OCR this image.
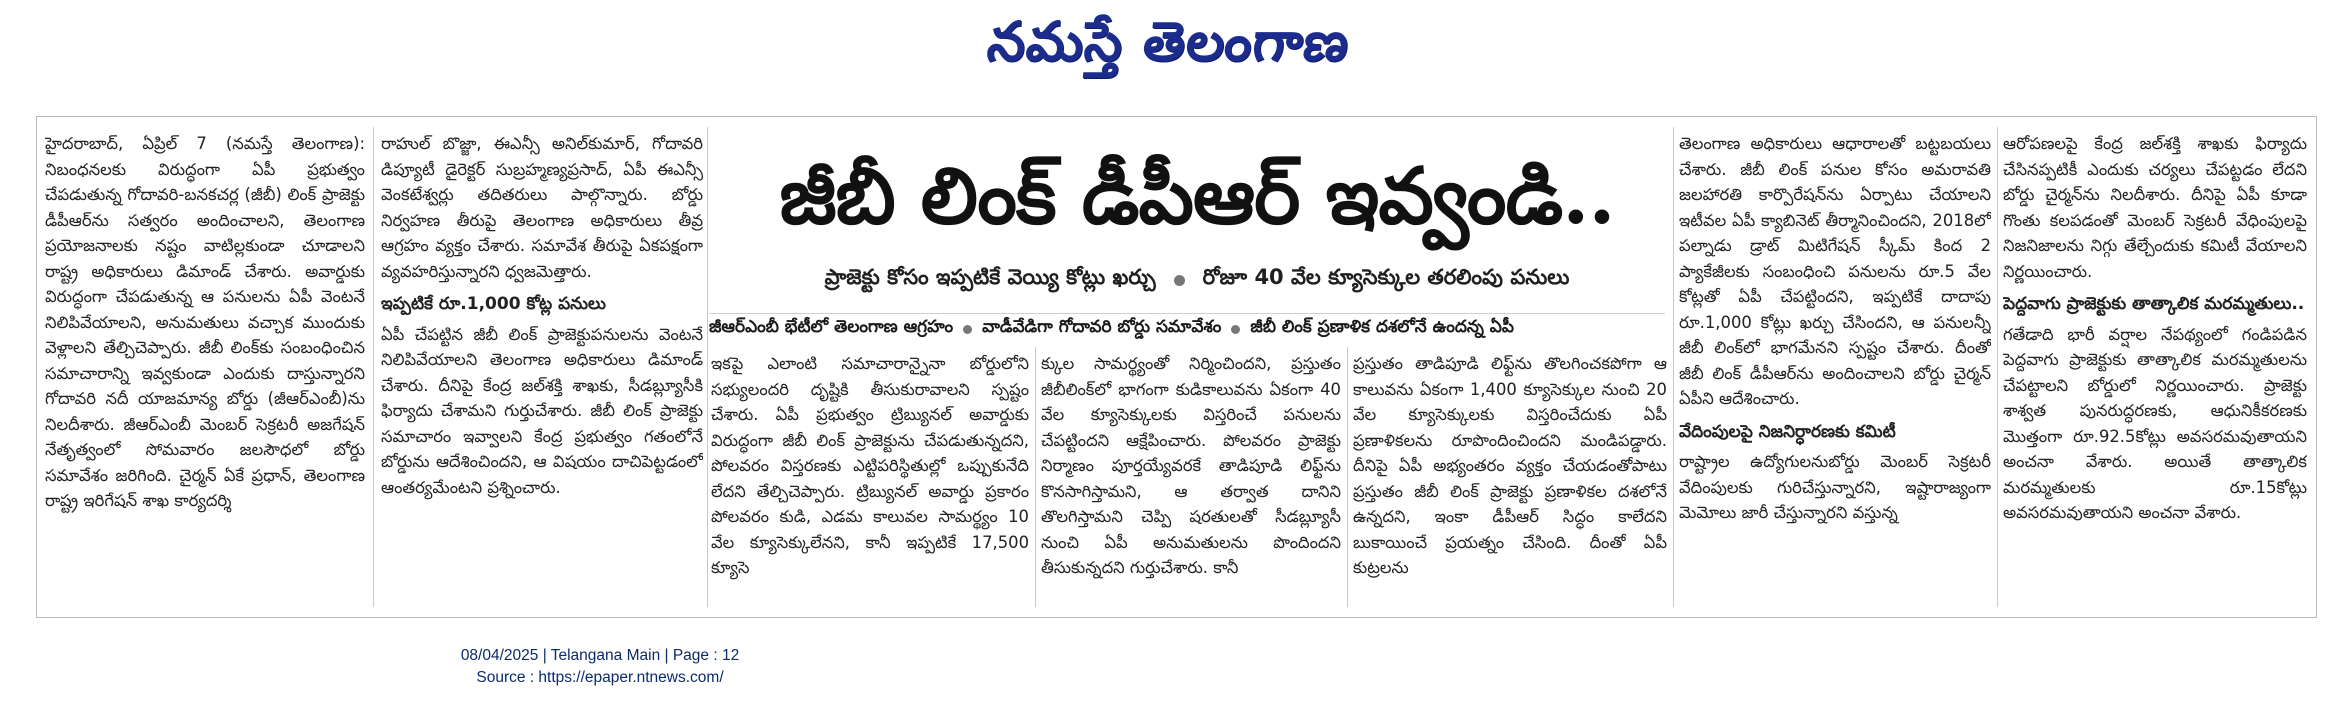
నమస్తే తెలంగాణ

హైదరాబాద్, ఏప్రిల్ 7 (నమస్తే తెలంగాణ): నిబంధనలకు విరుద్ధంగా ఏపీ ప్రభుత్వం చేపడుతున్న గోదావరి-బనకచర్ల (జీబీ) లింక్ ప్రాజెక్టు డీపీఆర్‌ను సత్వరం అందించాలని, తెలంగాణ ప్రయోజనాలకు నష్టం వాటిల్లకుండా చూడాలని రాష్ట్ర అధికారులు డిమాండ్ చేశారు. అవార్డుకు విరుద్ధంగా చేపడుతున్న ఆ పనులను ఏపీ వెంటనే నిలిపివేయాలని, అనుమతులు వచ్చాక ముందుకు వెళ్లాలని తేల్చిచెప్పారు. జీబీ లింక్‌కు సంబంధించిన సమాచారాన్ని ఇవ్వకుండా ఎందుకు దాస్తున్నారని గోదావరి నదీ యాజమాన్య బోర్డు (జీఆర్ఎంబీ)ను నిలదీశారు. జీఆర్ఎంబీ మెంబర్ సెక్రటరీ అజగేషన్ నేతృత్వంలో సోమవారం జలసౌధలో బోర్డు సమావేశం జరిగింది. చైర్మన్ ఏకే ప్రధాన్, తెలంగాణ రాష్ట్ర ఇరిగేషన్ శాఖ కార్యదర్శి

రాహుల్ బొజ్జా, ఈఎన్సీ అనిల్‌కుమార్, గోదావరి డిప్యూటీ డైరెక్టర్ సుబ్రహ్మణ్యప్రసాద్, ఏపీ ఈఎన్సీ వెంకటేశ్వర్లు తదితరులు పాల్గొన్నారు. బోర్డు నిర్వహణ తీరుపై తెలంగాణ అధికారులు తీవ్ర ఆగ్రహం వ్యక్తం చేశారు. సమావేశ తీరుపై ఏకపక్షంగా వ్యవహరిస్తున్నారని ధ్వజమెత్తారు.

ఇప్పటికే రూ.1,000 కోట్ల పనులు

ఏపీ చేపట్టిన జీబీ లింక్ ప్రాజెక్టుపనులను వెంటనే నిలిపివేయాలని తెలంగాణ అధికారులు డిమాండ్ చేశారు. దీనిపై కేంద్ర జల్‌శక్తి శాఖకు, సీడబ్ల్యూసీకి ఫిర్యాదు చేశామని గుర్తుచేశారు. జీబీ లింక్ ప్రాజెక్టు సమాచారం ఇవ్వాలని కేంద్ర ప్రభుత్వం గతంలోనే బోర్డును ఆదేశించిందని, ఆ విషయం దాచిపెట్టడంలో ఆంతర్యమేంటని ప్రశ్నించారు.

జీబీ లింక్ డీపీఆర్ ఇవ్వండి..
ప్రాజెక్టు కోసం ఇప్పటికే వెయ్యి కోట్లు ఖర్చు రోజూ 40 వేల క్యూసెక్కుల తరలింపు పనులు
జీఆర్ఎంబీ భేటీలో తెలంగాణ ఆగ్రహం వాడీవేడిగా గోదావరి బోర్డు సమావేశం జీబీ లింక్ ప్రణాళిక దశలోనే ఉందన్న ఏపీ

ఇకపై ఎలాంటి సమాచారాన్నైనా బోర్డులోని సభ్యులందరి దృష్టికి తీసుకురావాలని స్పష్టం చేశారు. ఏపీ ప్రభుత్వం ట్రిబ్యునల్ అవార్డుకు విరుద్ధంగా జీబీ లింక్ ప్రాజెక్టును చేపడుతున్నదని, పోలవరం విస్తరణకు ఎట్టిపరిస్థితుల్లో ఒప్పుకునేది లేదని తేల్చిచెప్పారు. ట్రిబ్యునల్ అవార్డు ప్రకారం పోలవరం కుడి, ఎడమ కాలువల సామర్థ్యం 10 వేల క్యూసెక్కులేనని, కానీ ఇప్పటికే 17,500 క్యూసె

క్కుల సామర్థ్యంతో నిర్మించిందని, ప్రస్తుతం జీబీలింక్‌లో భాగంగా కుడికాలువను ఏకంగా 40 వేల క్యూసెక్కులకు విస్తరించే పనులను చేపట్టిందని ఆక్షేపించారు. పోలవరం ప్రాజెక్టు నిర్మాణం పూర్తయ్యేవరకే తాడిపూడి లిఫ్ట్‌ను కొనసాగిస్తామని, ఆ తర్వాత దానిని తొలగిస్తామని చెప్పి షరతులతో సీడబ్ల్యూసీ నుంచి ఏపీ అనుమతులను పొందిందని తీసుకున్నదని గుర్తుచేశారు. కానీ

ప్రస్తుతం తాడిపూడి లిఫ్ట్‌ను తొలగించకపోగా ఆ కాలువను ఏకంగా 1,400 క్యూసెక్కుల నుంచి 20 వేల క్యూసెక్కులకు విస్తరించేదుకు ఏపీ ప్రణాళికలను రూపొందించిందని మండిపడ్డారు. దీనిపై ఏపీ అభ్యంతరం వ్యక్తం చేయడంతోపాటు ప్రస్తుతం జీబీ లింక్ ప్రాజెక్టు ప్రణాళికల దశలోనే ఉన్నదని, ఇంకా డీపీఆర్ సిద్ధం కాలేదని బుకాయించే ప్రయత్నం చేసింది. దీంతో ఏపీ కుట్రలను

తెలంగాణ అధికారులు ఆధారాలతో బట్టబయలు చేశారు. జీబీ లింక్ పనుల కోసం అమరావతి జలహారతి కార్పొరేషన్‌ను ఏర్పాటు చేయాలని ఇటీవల ఏపీ క్యాబినెట్ తీర్మానించిందని, 2018లో పల్నాడు డ్రాట్ మిటిగేషన్ స్కీమ్ కింద 2 ప్యాకేజీలకు సంబంధించి పనులను రూ.5 వేల కోట్లతో ఏపీ చేపట్టిందని, ఇప్పటికే దాదాపు రూ.1,000 కోట్లు ఖర్చు చేసిందని, ఆ పనులన్నీ జీబీ లింక్‌లో భాగమేనని స్పష్టం చేశారు. దీంతో జీబీ లింక్ డీపీఆర్‌ను అందించాలని బోర్డు చైర్మన్ ఏపీని ఆదేశించారు.

వేదింపులపై నిజనిర్ధారణకు కమిటీ

రాష్ట్రాల ఉద్యోగులనుబోర్డు మెంబర్ సెక్రటరీ వేదింపులకు గురిచేస్తున్నారని, ఇష్టారాజ్యంగా మెమోలు జారీ చేస్తున్నారని వస్తున్న

ఆరోపణలపై కేంద్ర జల్‌శక్తి శాఖకు ఫిర్యాదు చేసినప్పటికీ ఎందుకు చర్యలు చేపట్టడం లేదని బోర్డు చైర్మన్‌ను నిలదీశారు. దీనిపై ఏపీ కూడా గొంతు కలపడంతో మెంబర్ సెక్రటరీ వేధింపులపై నిజనిజాలను నిగ్గు తేల్చేందుకు కమిటీ వేయాలని నిర్ణయించారు.

పెద్దవాగు ప్రాజెక్టుకు తాత్కాలిక మరమ్మతులు..

గతేడాది భారీ వర్షాల నేపథ్యంలో గండిపడిన పెద్దవాగు ప్రాజెక్టుకు తాత్కాలిక మరమ్మతులను చేపట్టాలని బోర్డులో నిర్ణయించారు. ప్రాజెక్టు శాశ్వత పునరుద్ధరణకు, ఆధునికీకరణకు మొత్తంగా రూ.92.5కోట్లు అవసరమవుతాయని అంచనా వేశారు. అయితే తాత్కాలిక మరమ్మతులకు రూ.15కోట్లు అవసరమవుతాయని అంచనా వేశారు.

08/04/2025 | Telangana Main | Page : 12
Source : https://epaper.ntnews.com/
